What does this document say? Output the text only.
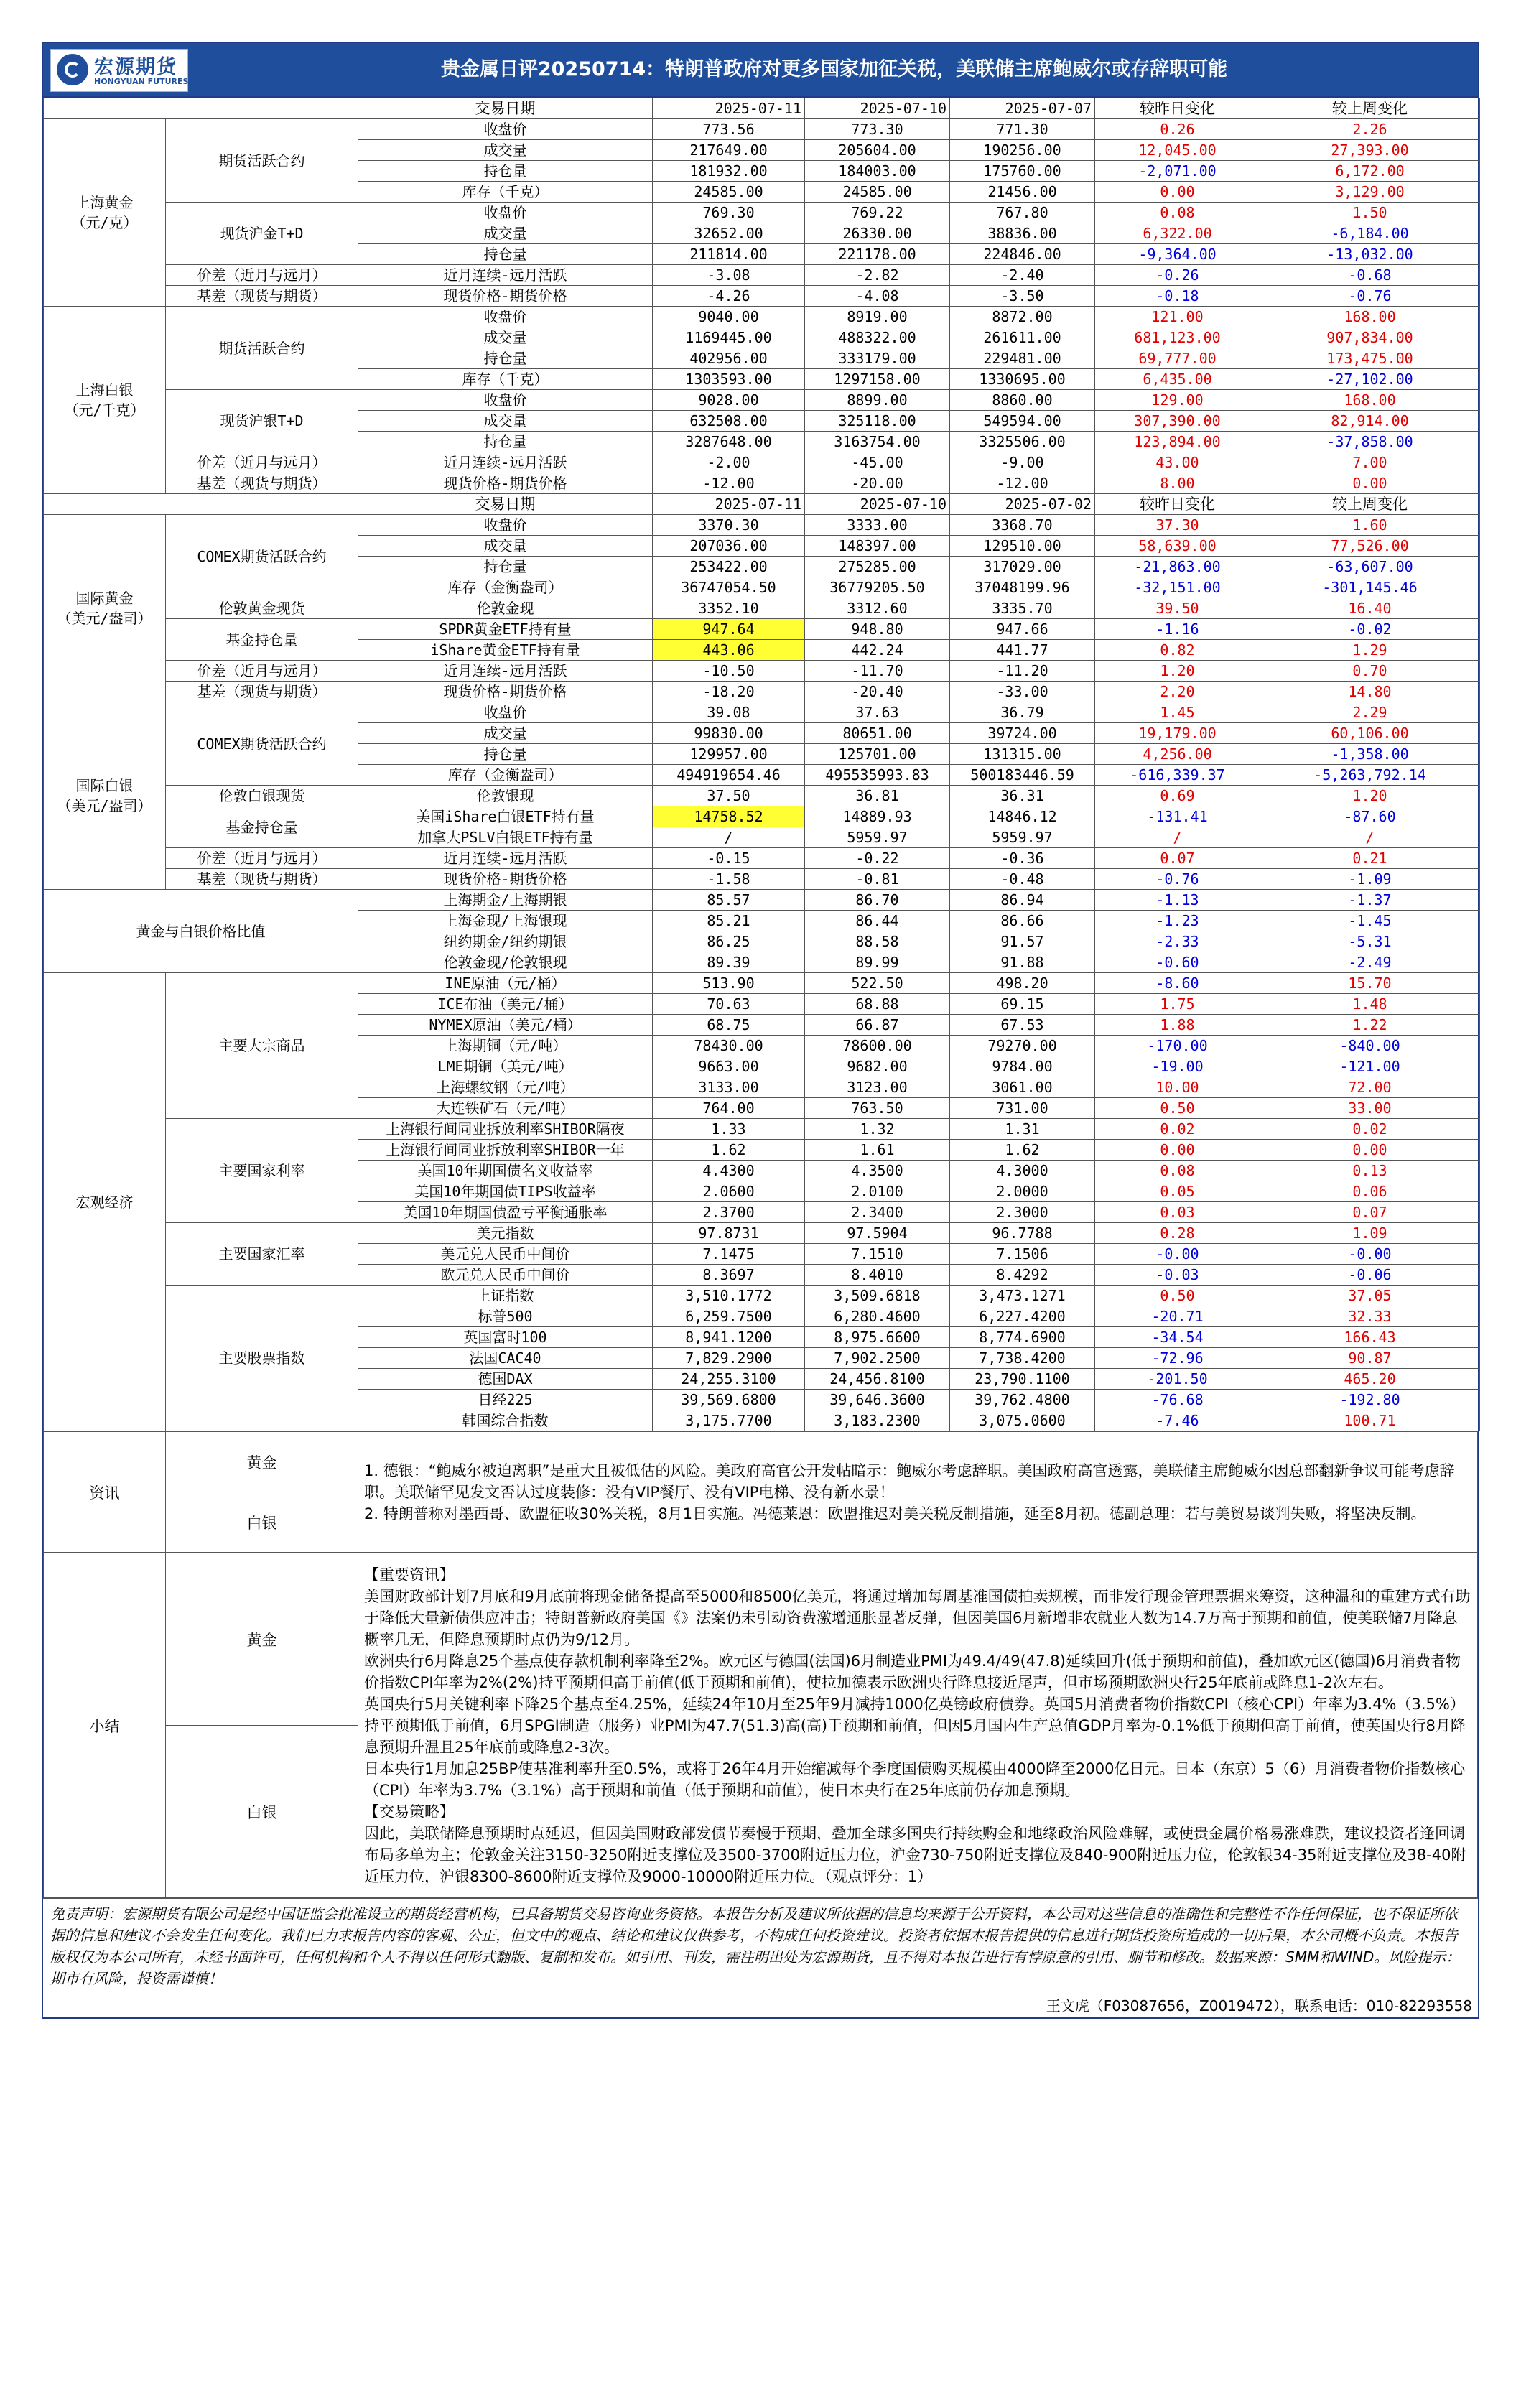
宏源期货
HONGYUAN FUTURES
贵金属日评20250714：特朗普政府对更多国家加征关税，美联储主席鲍威尔或存辞职可能
		交易日期	2025-07-11	2025-07-10	2025-07-07	较昨日变化	较上周变化
上海黄金
（元/克）	期货活跃合约	收盘价	773.56	773.30	771.30	0.26	2.26
		成交量	217649.00	205604.00	190256.00	12,045.00	27,393.00
		持仓量	181932.00	184003.00	175760.00	-2,071.00	6,172.00
		库存（千克）	24585.00	24585.00	21456.00	0.00	3,129.00
	现货沪金T+D	收盘价	769.30	769.22	767.80	0.08	1.50
		成交量	32652.00	26330.00	38836.00	6,322.00	-6,184.00
		持仓量	211814.00	221178.00	224846.00	-9,364.00	-13,032.00
	价差（近月与远月）	近月连续-远月活跃	-3.08	-2.82	-2.40	-0.26	-0.68
	基差（现货与期货）	现货价格-期货价格	-4.26	-4.08	-3.50	-0.18	-0.76
上海白银
（元/千克）	期货活跃合约	收盘价	9040.00	8919.00	8872.00	121.00	168.00
		成交量	1169445.00	488322.00	261611.00	681,123.00	907,834.00
		持仓量	402956.00	333179.00	229481.00	69,777.00	173,475.00
		库存（千克）	1303593.00	1297158.00	1330695.00	6,435.00	-27,102.00
	现货沪银T+D	收盘价	9028.00	8899.00	8860.00	129.00	168.00
		成交量	632508.00	325118.00	549594.00	307,390.00	82,914.00
		持仓量	3287648.00	3163754.00	3325506.00	123,894.00	-37,858.00
	价差（近月与远月）	近月连续-远月活跃	-2.00	-45.00	-9.00	43.00	7.00
	基差（现货与期货）	现货价格-期货价格	-12.00	-20.00	-12.00	8.00	0.00
		交易日期	2025-07-11	2025-07-10	2025-07-02	较昨日变化	较上周变化
国际黄金
（美元/盎司）	COMEX期货活跃合约	收盘价	3370.30	3333.00	3368.70	37.30	1.60
		成交量	207036.00	148397.00	129510.00	58,639.00	77,526.00
		持仓量	253422.00	275285.00	317029.00	-21,863.00	-63,607.00
		库存（金衡盎司）	36747054.50	36779205.50	37048199.96	-32,151.00	-301,145.46
	伦敦黄金现货	伦敦金现	3352.10	3312.60	3335.70	39.50	16.40
	基金持仓量	SPDR黄金ETF持有量	947.64	948.80	947.66	-1.16	-0.02
		iShare黄金ETF持有量	443.06	442.24	441.77	0.82	1.29
	价差（近月与远月）	近月连续-远月活跃	-10.50	-11.70	-11.20	1.20	0.70
	基差（现货与期货）	现货价格-期货价格	-18.20	-20.40	-33.00	2.20	14.80
国际白银
（美元/盎司）	COMEX期货活跃合约	收盘价	39.08	37.63	36.79	1.45	2.29
		成交量	99830.00	80651.00	39724.00	19,179.00	60,106.00
		持仓量	129957.00	125701.00	131315.00	4,256.00	-1,358.00
		库存（金衡盎司）	494919654.46	495535993.83	500183446.59	-616,339.37	-5,263,792.14
	伦敦白银现货	伦敦银现	37.50	36.81	36.31	0.69	1.20
	基金持仓量	美国iShare白银ETF持有量	14758.52	14889.93	14846.12	-131.41	-87.60
		加拿大PSLV白银ETF持有量	/	5959.97	5959.97	/	/
	价差（近月与远月）	近月连续-远月活跃	-0.15	-0.22	-0.36	0.07	0.21
	基差（现货与期货）	现货价格-期货价格	-1.58	-0.81	-0.48	-0.76	-1.09
黄金与白银价格比值		上海期金/上海期银	85.57	86.70	86.94	-1.13	-1.37
		上海金现/上海银现	85.21	86.44	86.66	-1.23	-1.45
		纽约期金/纽约期银	86.25	88.58	91.57	-2.33	-5.31
		伦敦金现/伦敦银现	89.39	89.99	91.88	-0.60	-2.49
宏观经济	主要大宗商品	INE原油（元/桶）	513.90	522.50	498.20	-8.60	15.70
		ICE布油（美元/桶）	70.63	68.88	69.15	1.75	1.48
		NYMEX原油（美元/桶）	68.75	66.87	67.53	1.88	1.22
		上海期铜（元/吨）	78430.00	78600.00	79270.00	-170.00	-840.00
		LME期铜（美元/吨）	9663.00	9682.00	9784.00	-19.00	-121.00
		上海螺纹钢（元/吨）	3133.00	3123.00	3061.00	10.00	72.00
		大连铁矿石（元/吨）	764.00	763.50	731.00	0.50	33.00
	主要国家利率	上海银行间同业拆放利率SHIBOR隔夜	1.33	1.32	1.31	0.02	0.02
		上海银行间同业拆放利率SHIBOR一年	1.62	1.61	1.62	0.00	0.00
		美国10年期国债名义收益率	4.4300	4.3500	4.3000	0.08	0.13
		美国10年期国债TIPS收益率	2.0600	2.0100	2.0000	0.05	0.06
		美国10年期国债盈亏平衡通胀率	2.3700	2.3400	2.3000	0.03	0.07
	主要国家汇率	美元指数	97.8731	97.5904	96.7788	0.28	1.09
		美元兑人民币中间价	7.1475	7.1510	7.1506	-0.00	-0.00
		欧元兑人民币中间价	8.3697	8.4010	8.4292	-0.03	-0.06
	主要股票指数	上证指数	3,510.1772	3,509.6818	3,473.1271	0.50	37.05
		标普500	6,259.7500	6,280.4600	6,227.4200	-20.71	32.33
		英国富时100	8,941.1200	8,975.6600	8,774.6900	-34.54	166.43
		法国CAC40	7,829.2900	7,902.2500	7,738.4200	-72.96	90.87
		德国DAX	24,255.3100	24,456.8100	23,790.1100	-201.50	465.20
		日经225	39,569.6800	39,646.3600	39,762.4800	-76.68	-192.80
		韩国综合指数	3,175.7700	3,183.2300	3,075.0600	-7.46	100.71
资讯	黄金	1. 德银：“鲍威尔被迫离职”是重大且被低估的风险。美政府高官公开发帖暗示：鲍威尔考虑辞职。美国政府高官透露，美联储主席鲍威尔因总部翻新争议可能考虑辞职。美联储罕见发文否认过度装修：没有VIP餐厅、没有VIP电梯、没有新水景！

2. 特朗普称对墨西哥、欧盟征收30%关税，8月1日实施。冯德莱恩：欧盟推迟对美关税反制措施，延至8月初。德副总理：若与美贸易谈判失败，将坚决反制。

白银
小结	黄金	

【重要资讯】

美国财政部计划7月底和9月底前将现金储备提高至5000和8500亿美元，将通过增加每周基准国债拍卖规模，而非发行现金管理票据来筹资，这种温和的重建方式有助于降低大量新债供应冲击；特朗普新政府美国《》法案仍未引动资费激增通胀显著反弹，但因美国6月新增非农就业人数为14.7万高于预期和前值，使美联储7月降息概率几无，但降息预期时点仍为9/12月。

欧洲央行6月降息25个基点使存款机制利率降至2%。欧元区与德国(法国)6月制造业PMI为49.4/49(47.8)延续回升(低于预期和前值)，叠加欧元区(德国)6月消费者物价指数CPI年率为2%(2%)持平预期但高于前值(低于预期和前值)，使拉加德表示欧洲央行降息接近尾声，但市场预期欧洲央行25年底前或降息1-2次左右。

英国央行5月关键利率下降25个基点至4.25%，延续24年10月至25年9月减持1000亿英镑政府债券。英国5月消费者物价指数CPI（核心CPI）年率为3.4%（3.5%）持平预期低于前值，6月SPGI制造（服务）业PMI为47.7(51.3)高(高)于预期和前值，但因5月国内生产总值GDP月率为-0.1%低于预期但高于前值，使英国央行8月降息预期升温且25年底前或降息2-3次。

日本央行1月加息25BP使基准利率升至0.5%，或将于26年4月开始缩减每个季度国债购买规模由4000降至2000亿日元。日本（东京）5（6）月消费者物价指数核心（CPI）年率为3.7%（3.1%）高于预期和前值（低于预期和前值），使日本央行在25年底前仍存加息预期。

【交易策略】

因此，美联储降息预期时点延迟，但因美国财政部发债节奏慢于预期，叠加全球多国央行持续购金和地缘政治风险难解，或使贵金属价格易涨难跌，建议投资者逢回调布局多单为主；伦敦金关注3150-3250附近支撑位及3500-3700附近压力位，沪金730-750附近支撑位及840-900附近压力位，伦敦银34-35附近支撑位及38-40附近压力位，沪银8300-8600附近支撑位及9000-10000附近压力位。（观点评分：1）

白银
免责声明：宏源期货有限公司是经中国证监会批准设立的期货经营机构，已具备期货交易咨询业务资格。本报告分析及建议所依据的信息均来源于公开资料，本公司对这些信息的准确性和完整性不作任何保证，也不保证所依据的信息和建议不会发生任何变化。我们已力求报告内容的客观、公正，但文中的观点、结论和建议仅供参考，不构成任何投资建议。投资者依据本报告提供的信息进行期货投资所造成的一切后果，本公司概不负责。本报告版权仅为本公司所有，未经书面许可，任何机构和个人不得以任何形式翻版、复制和发布。如引用、刊发，需注明出处为宏源期货，且不得对本报告进行有悖原意的引用、删节和修改。数据来源：SMM和WIND。风险提示：期市有风险，投资需谨慎！
王文虎（F03087656，Z0019472），联系电话：010-82293558
